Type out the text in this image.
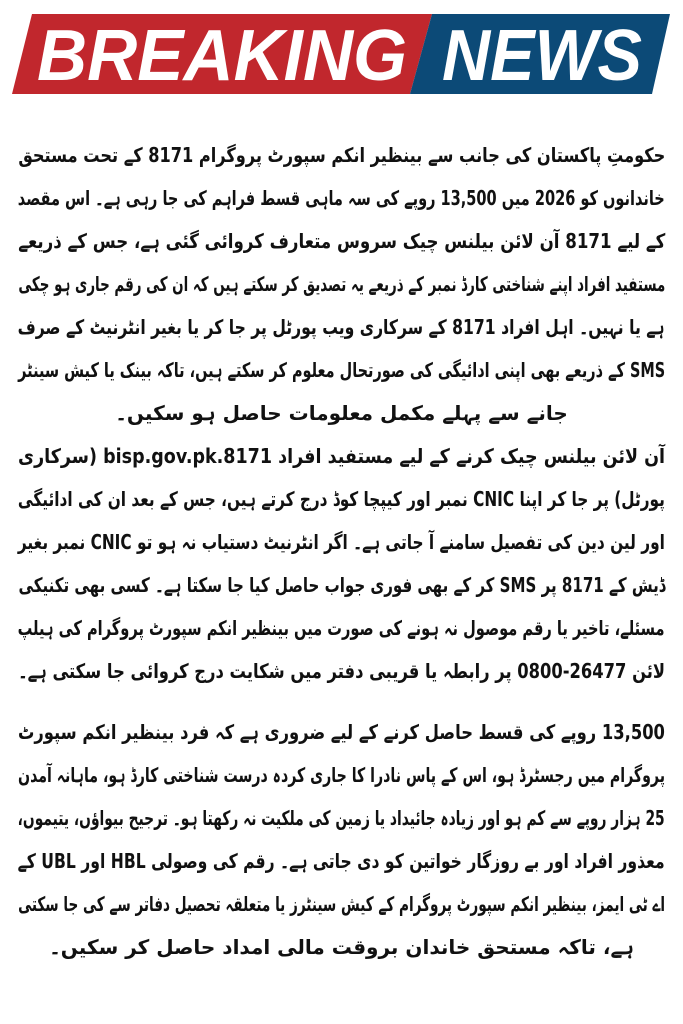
BREAKING NEWS
حکومتِ پاکستان کی جانب سے بینظیر انکم سپورٹ پروگرام 8171 کے تحت مستحق
خاندانوں کو 2026 میں 13,500 روپے کی سہ ماہی قسط فراہم کی جا رہی ہے۔ اس مقصد
کے لیے 8171 آن لائن بیلنس چیک سروس متعارف کروائی گئی ہے، جس کے ذریعے
مستفید افراد اپنے شناختی کارڈ نمبر کے ذریعے یہ تصدیق کر سکتے ہیں کہ ان کی رقم جاری ہو چکی
ہے یا نہیں۔ اہل افراد 8171 کے سرکاری ویب پورٹل پر جا کر یا بغیر انٹرنیٹ کے صرف
SMS کے ذریعے بھی اپنی ادائیگی کی صورتحال معلوم کر سکتے ہیں، تاکہ بینک یا کیش سینٹر
جانے سے پہلے مکمل معلومات حاصل ہو سکیں۔
آن لائن بیلنس چیک کرنے کے لیے مستفید افراد bisp.gov.pk.8171 (سرکاری
پورٹل) پر جا کر اپنا CNIC نمبر اور کیپچا کوڈ درج کرتے ہیں، جس کے بعد ان کی ادائیگی
اور لین دین کی تفصیل سامنے آ جاتی ہے۔ اگر انٹرنیٹ دستیاب نہ ہو تو CNIC نمبر بغیر
ڈیش کے 8171 پر SMS کر کے بھی فوری جواب حاصل کیا جا سکتا ہے۔ کسی بھی تکنیکی
مسئلے، تاخیر یا رقم موصول نہ ہونے کی صورت میں بینظیر انکم سپورٹ پروگرام کی ہیلپ
لائن 26477-0800 پر رابطہ یا قریبی دفتر میں شکایت درج کروائی جا سکتی ہے۔
13,500 روپے کی قسط حاصل کرنے کے لیے ضروری ہے کہ فرد بینظیر انکم سپورٹ
پروگرام میں رجسٹرڈ ہو، اس کے پاس نادرا کا جاری کردہ درست شناختی کارڈ ہو، ماہانہ آمدن
25 ہزار روپے سے کم ہو اور زیادہ جائیداد یا زمین کی ملکیت نہ رکھتا ہو۔ ترجیح بیواؤں، یتیموں،
معذور افراد اور بے روزگار خواتین کو دی جاتی ہے۔ رقم کی وصولی HBL اور UBL کے
اے ٹی ایمز، بینظیر انکم سپورٹ پروگرام کے کیش سینٹرز یا متعلقہ تحصیل دفاتر سے کی جا سکتی
ہے، تاکہ مستحق خاندان بروقت مالی امداد حاصل کر سکیں۔
